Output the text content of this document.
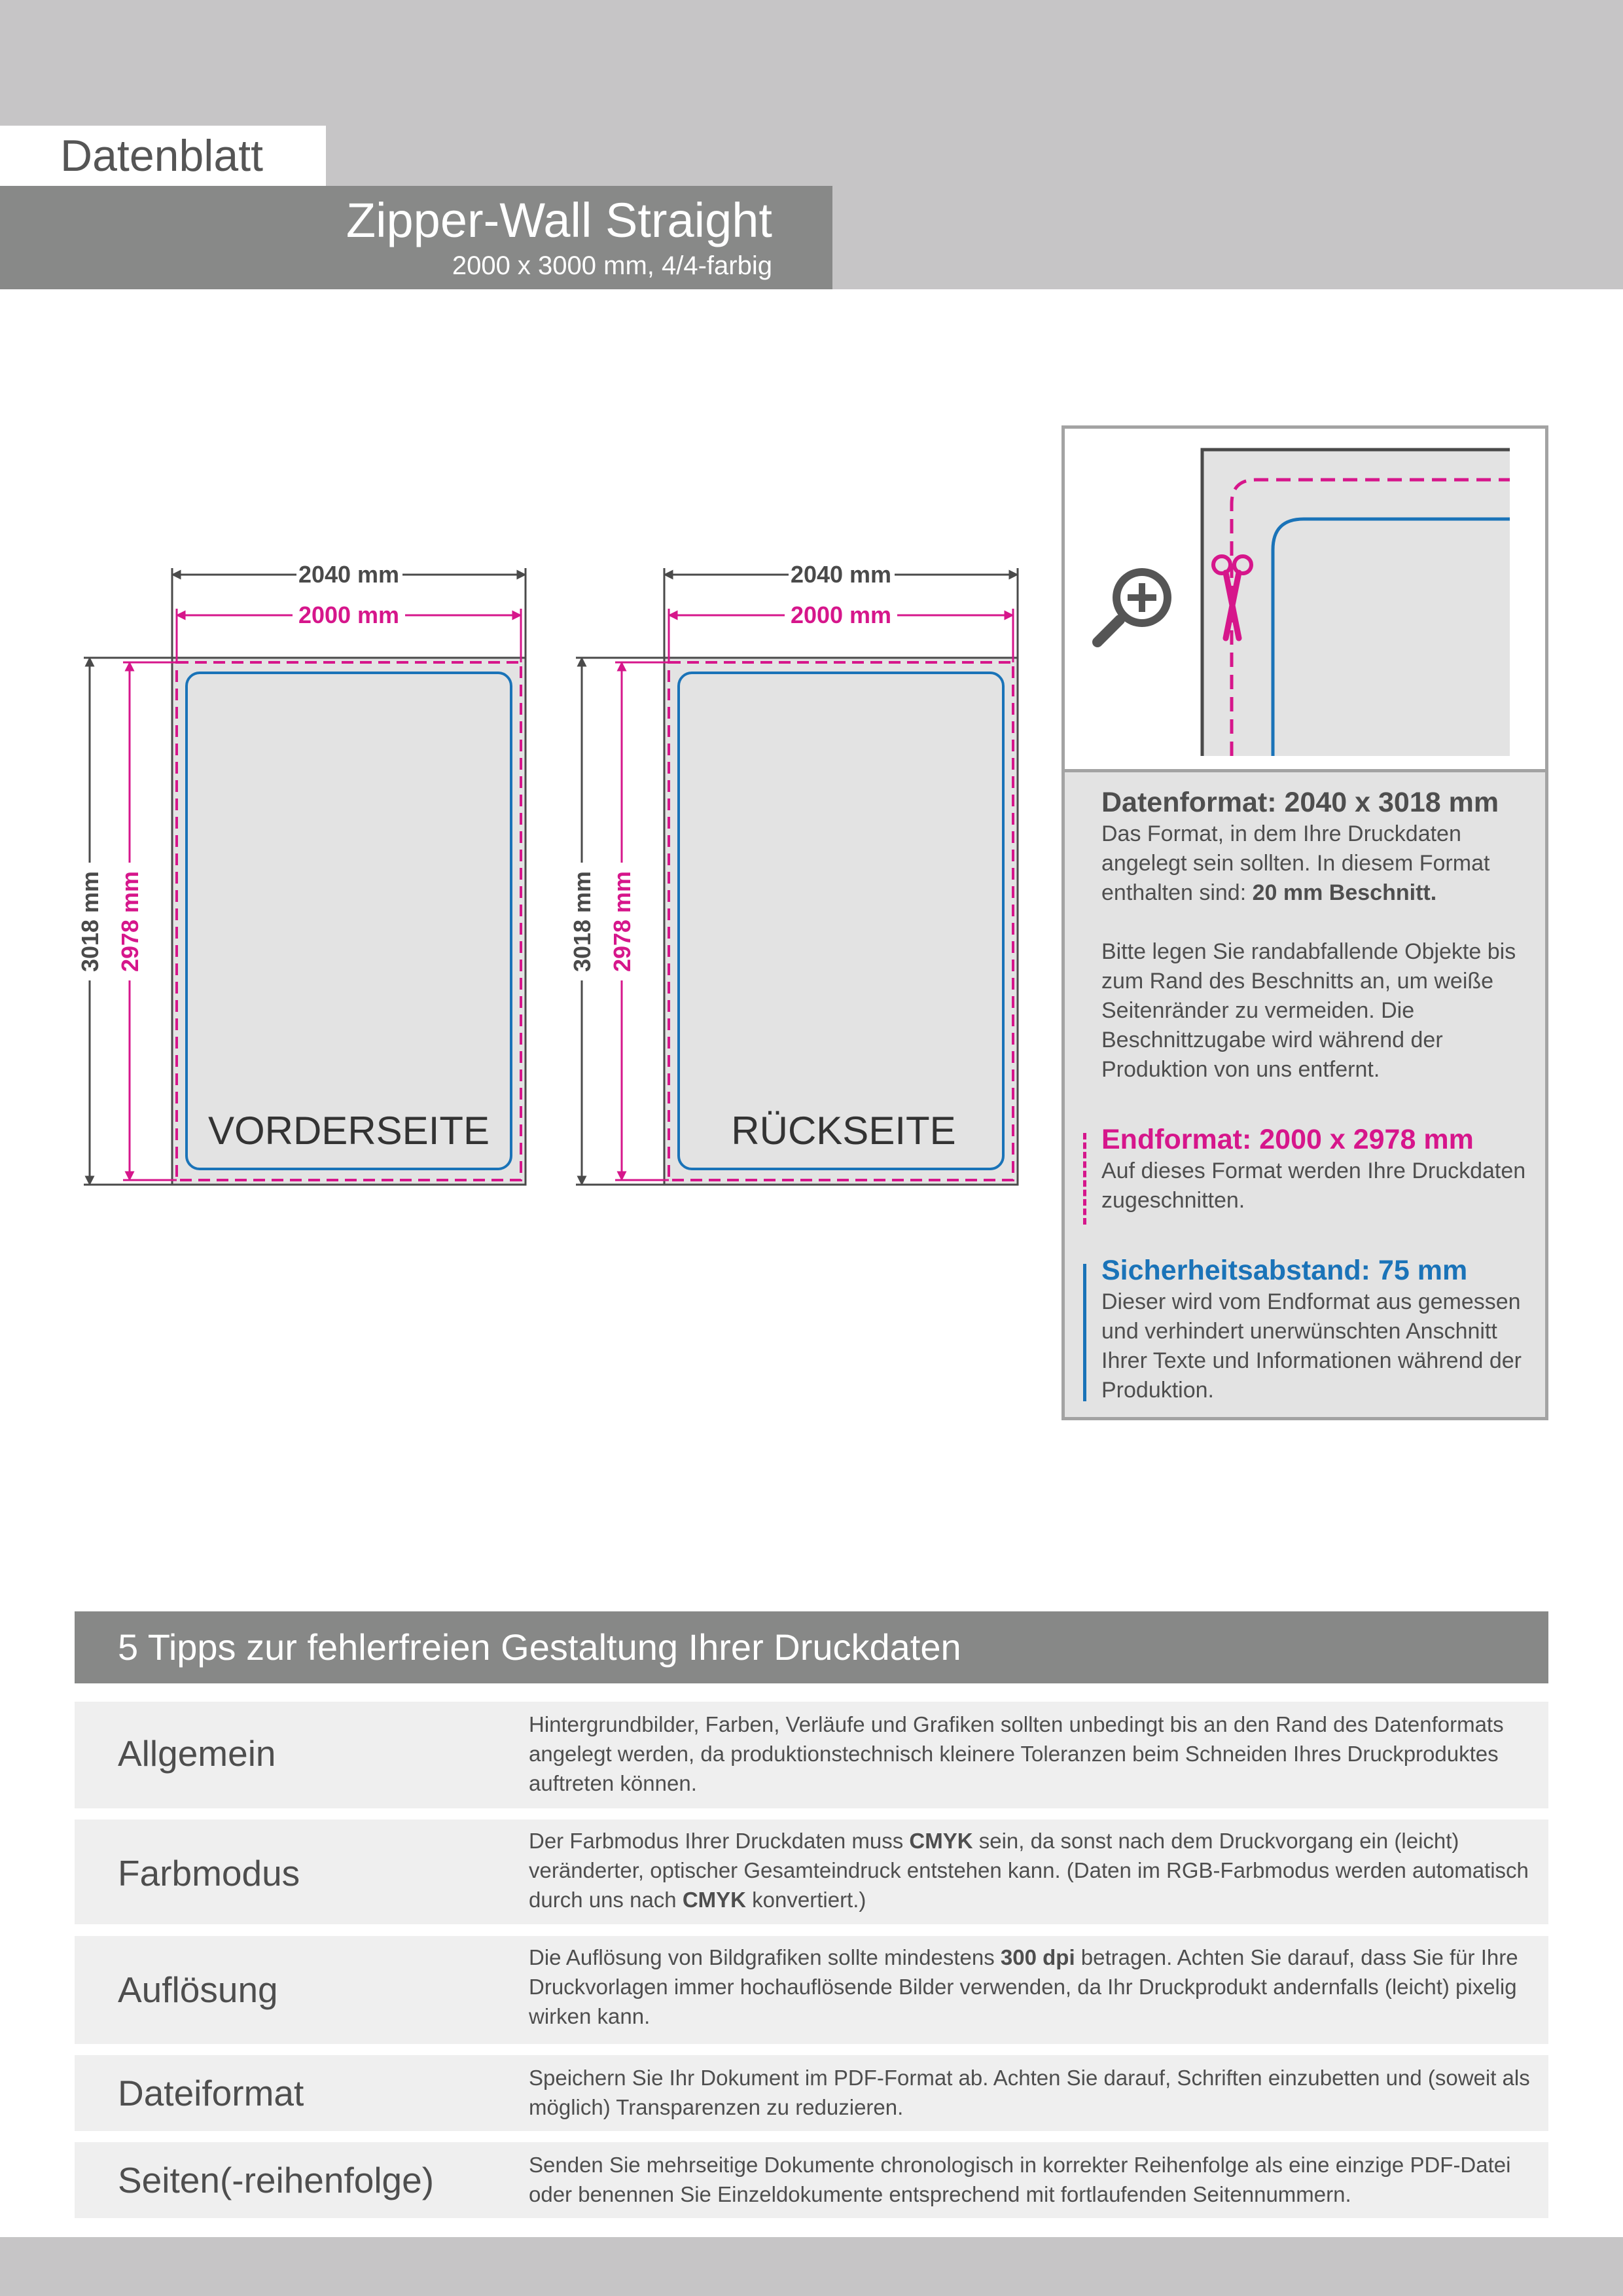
Datenblatt
Zipper-Wall Straight
2000 x 3000 mm, 4/4-farbig
2040 mm
2000 mm
3018 mm 2978 mm
VORDERSEITE
2040 mm
2000 mm
3018 mm 2978 mm
RÜCKSEITE
Datenformat: 2040 x 3018 mm

Das Format, in dem Ihre Druckdaten angelegt sein sollten. In diesem Format enthalten sind: 20 mm Beschnitt.

Bitte legen Sie randabfallende Objekte bis zum Rand des Beschnitts an, um weiße Seitenränder zu vermeiden. Die Beschnittzugabe wird während der Produktion von uns entfernt.

Endformat: 2000 x 2978 mm

Auf dieses Format werden Ihre Druckdaten zugeschnitten.

Sicherheitsabstand: 75 mm

Dieser wird vom Endformat aus gemessen und verhindert unerwünschten Anschnitt Ihrer Texte und Informationen während der Produktion.

5 Tipps zur fehlerfreien Gestaltung Ihrer Druckdaten
Allgemein
Hintergrundbilder, Farben, Verläufe und Grafiken sollten unbedingt bis an den Rand des Datenformats angelegt werden, da produktionstechnisch kleinere Toleranzen beim Schneiden Ihres Druckproduktes auftreten können.
Farbmodus
Der Farbmodus Ihrer Druckdaten muss CMYK sein, da sonst nach dem Druckvorgang ein (leicht) veränderter, optischer Gesamteindruck entstehen kann. (Daten im RGB-Farbmodus werden automatisch durch uns nach CMYK konvertiert.)
Auflösung
Die Auflösung von Bildgrafiken sollte mindestens 300 dpi betragen. Achten Sie darauf, dass Sie für Ihre Druckvorlagen immer hochauflösende Bilder verwenden, da Ihr Druckprodukt andernfalls (leicht) pixelig wirken kann.
Dateiformat	Speichern Sie Ihr Dokument im PDF-Format ab. Achten Sie darauf, Schriften einzubetten und (soweit als möglich) Transparenzen zu reduzieren.
Seiten(-reihenfolge)	Senden Sie mehrseitige Dokumente chronologisch in korrekter Reihenfolge als eine einzige PDF-Datei oder benennen Sie Einzeldokumente entsprechend mit fortlaufenden Seitennummern.
